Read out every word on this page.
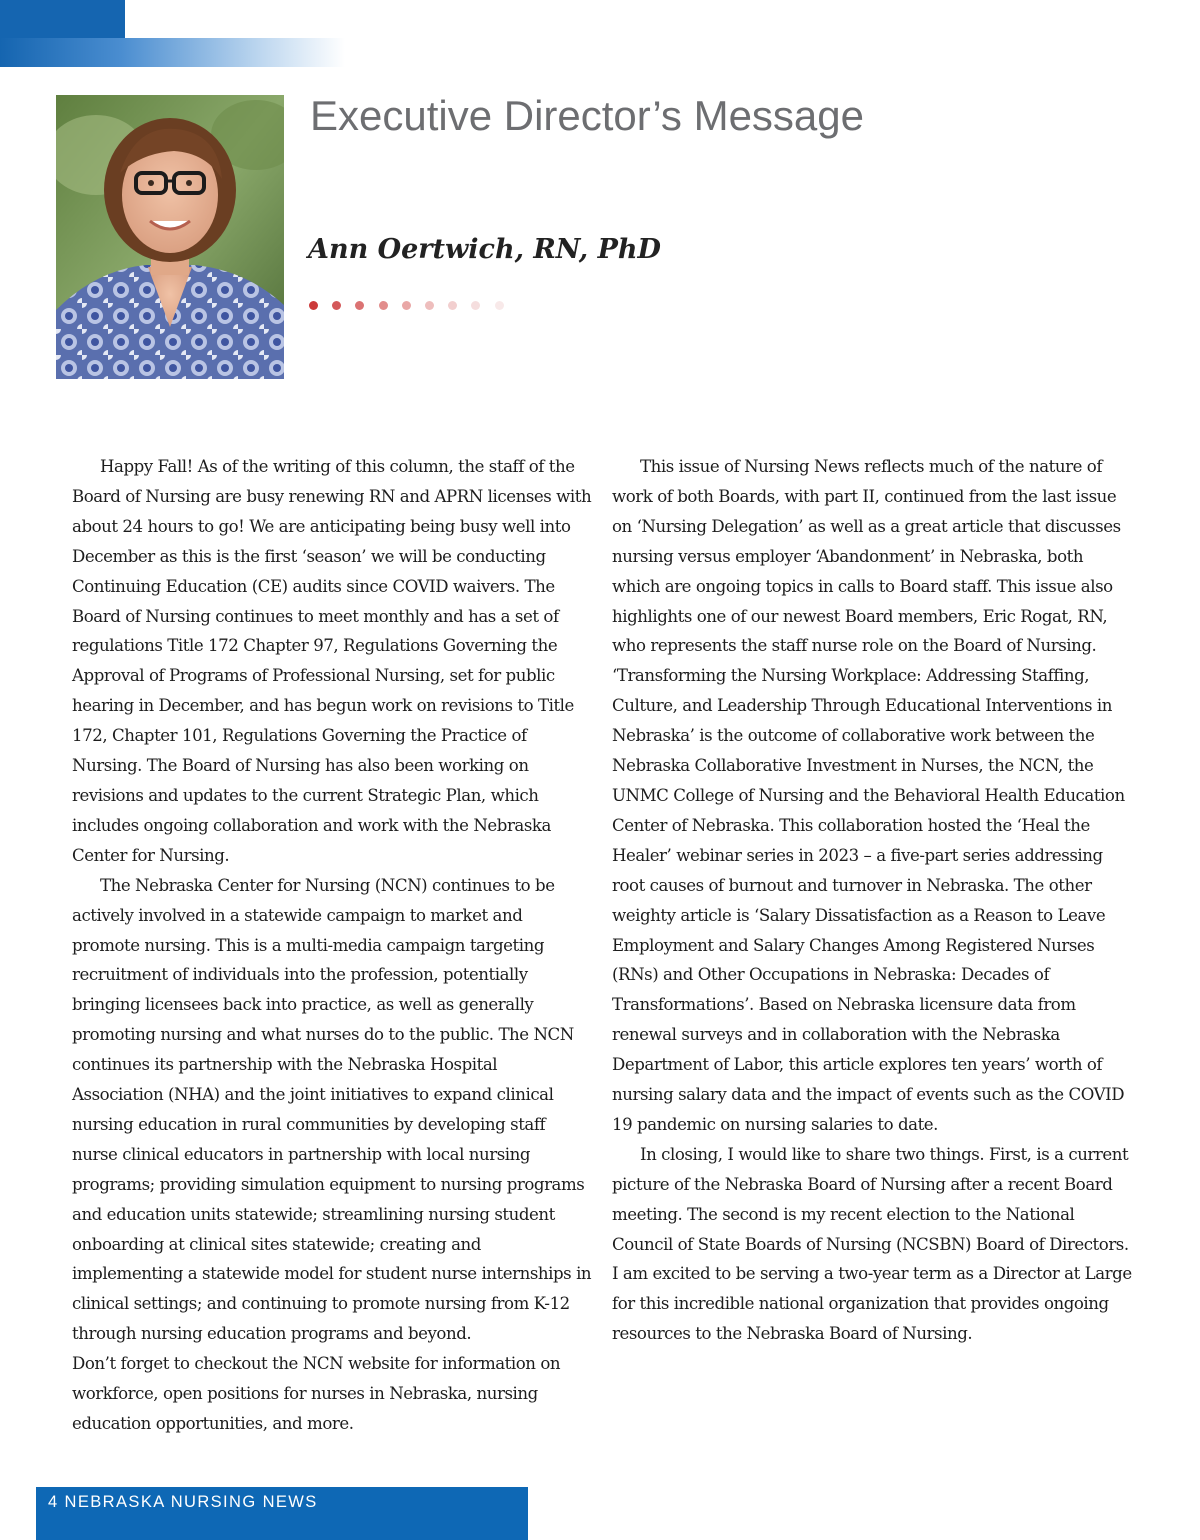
Executive Director’s Message
Ann Oertwich, RN, PhD

Happy Fall! As of the writing of this column, the staff of the Board of Nursing are busy renewing RN and APRN licenses with about 24 hours to go! We are anticipating being busy well into December as this is the first ‘season’ we will be conducting Continuing Education (CE) audits since COVID waivers. The Board of Nursing continues to meet monthly and has a set of regulations Title 172 Chapter 97, Regulations Governing the Approval of Programs of Professional Nursing, set for public hearing in December, and has begun work on revisions to Title 172, Chapter 101, Regulations Governing the Practice of Nursing. The Board of Nursing has also been working on revisions and updates to the current Strategic Plan, which includes ongoing collaboration and work with the Nebraska Center for Nursing.

The Nebraska Center for Nursing (NCN) continues to be actively involved in a statewide campaign to market and promote nursing. This is a multi-media campaign targeting recruitment of individuals into the profession, potentially bringing licensees back into practice, as well as generally promoting nursing and what nurses do to the public. The NCN continues its partnership with the Nebraska Hospital Association (NHA) and the joint initiatives to expand clinical nursing education in rural communities by developing staff nurse clinical educators in partnership with local nursing programs; providing simulation equipment to nursing programs and education units statewide; streamlining nursing student onboarding at clinical sites statewide; creating and implementing a statewide model for student nurse internships in clinical settings; and continuing to promote nursing from K-12 through nursing education programs and beyond.

Don’t forget to checkout the NCN website for information on workforce, open positions for nurses in Nebraska, nursing education opportunities, and more.

This issue of Nursing News reflects much of the nature of work of both Boards, with part II, continued from the last issue on ‘Nursing Delegation’ as well as a great article that discusses nursing versus employer ‘Abandonment’ in Nebraska, both which are ongoing topics in calls to Board staff. This issue also highlights one of our newest Board members, Eric Rogat, RN, who represents the staff nurse role on the Board of Nursing. ‘Transforming the Nursing Workplace: Addressing Staffing, Culture, and Leadership Through Educational Interventions in Nebraska’ is the outcome of collaborative work between the Nebraska Collaborative Investment in Nurses, the NCN, the UNMC College of Nursing and the Behavioral Health Education Center of Nebraska. This collaboration hosted the ‘Heal the Healer’ webinar series in 2023 – a five-part series addressing root causes of burnout and turnover in Nebraska. The other weighty article is ‘Salary Dissatisfaction as a Reason to Leave Employment and Salary Changes Among Registered Nurses (RNs) and Other Occupations in Nebraska: Decades of Transformations’. Based on Nebraska licensure data from renewal surveys and in collaboration with the Nebraska Department of Labor, this article explores ten years’ worth of nursing salary data and the impact of events such as the COVID 19 pandemic on nursing salaries to date.

In closing, I would like to share two things. First, is a current picture of the Nebraska Board of Nursing after a recent Board meeting. The second is my recent election to the National Council of State Boards of Nursing (NCSBN) Board of Directors. I am excited to be serving a two-year term as a Director at Large for this incredible national organization that provides ongoing resources to the Nebraska Board of Nursing.

4 NEBRASKA NURSING NEWS
